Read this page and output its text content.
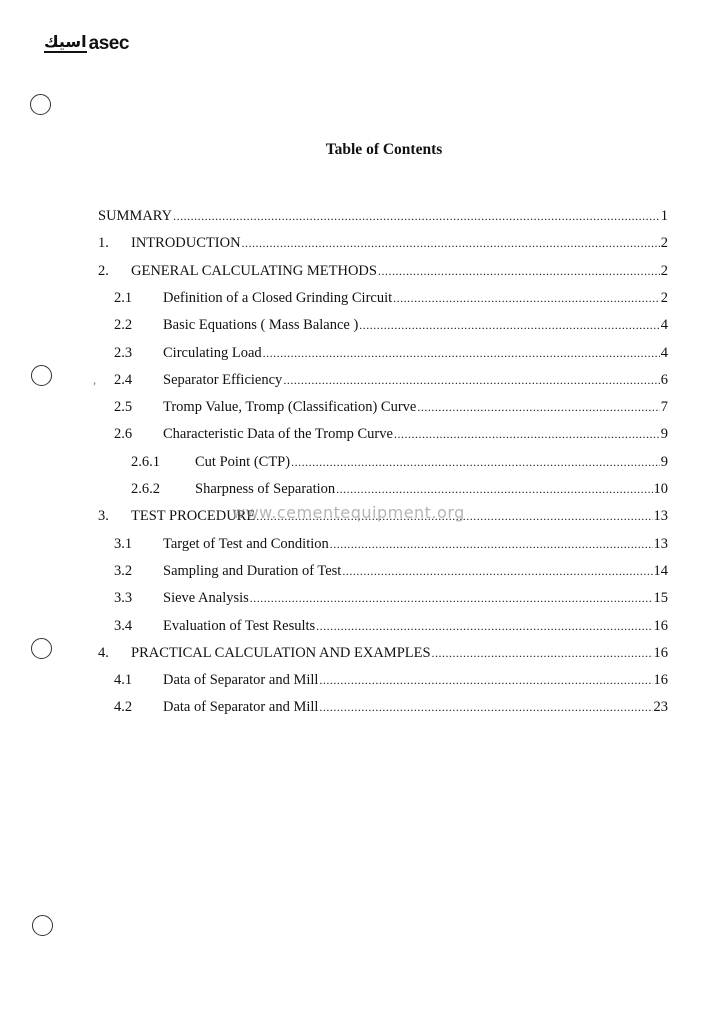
اسيك asec
›
Table of Contents
SUMMARY .....	1
1.	INTRODUCTION .....	2
2.	GENERAL CALCULATING METHODS .....	2
2.1	Definition of a Closed Grinding Circuit .....	2
2.2	Basic Equations ( Mass Balance ) .....	4
2.3	Circulating Load .....	4
2.4	Separator Efficiency .....	6
2.5	Tromp Value, Tromp (Classification) Curve .....	7
2.6	Characteristic Data of the Tromp Curve .....	9
2.6.1	Cut Point (CTP) .....	9
2.6.2	Sharpness of Separation .....	10
3.	TEST PROCEDURE .....	13
3.1	Target of Test and Condition .....	13
3.2	Sampling and Duration of Test .....	14
3.3	Sieve Analysis .....	15
3.4	Evaluation of Test Results .....	16
4.	PRACTICAL CALCULATION AND EXAMPLES .....	16
4.1	Data of Separator and Mill .....	16
4.2	Data of Separator and Mill .....	23
www.cementequipment.org
